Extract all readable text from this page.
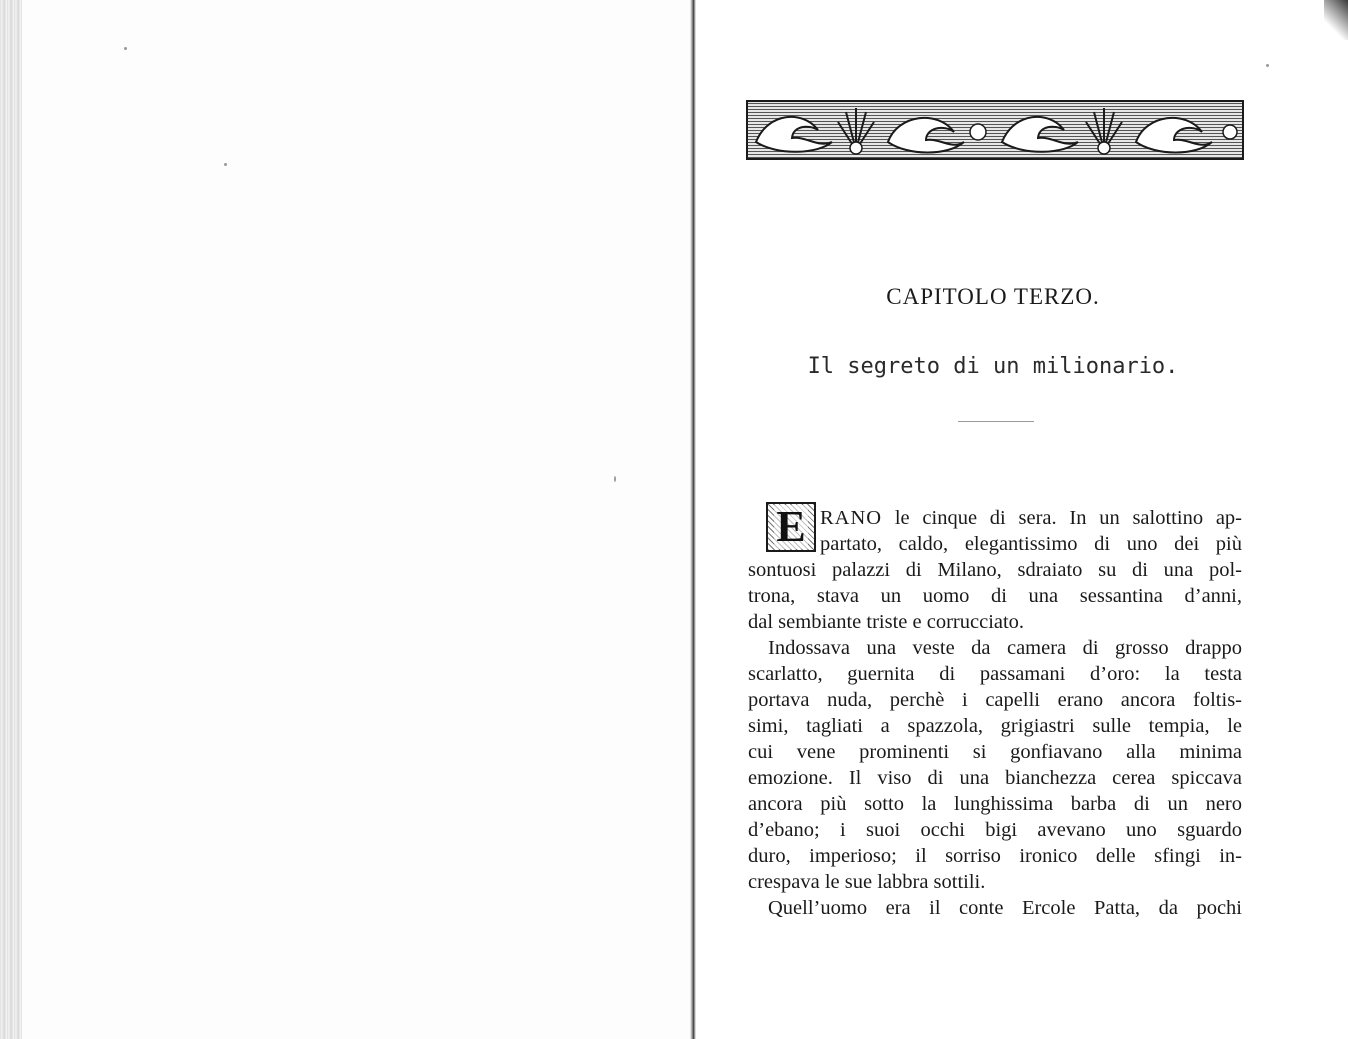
CAPITOLO TERZO.
Il segreto di un milionario.
E RANO le cinque di sera. In un salottino ap-
partato, caldo, elegantissimo di uno dei più
sontuosi palazzi di Milano, sdraiato su di una pol-
trona, stava un uomo di una sessantina d’anni,
dal sembiante triste e corrucciato.
Indossava una veste da camera di grosso drappo
scarlatto, guernita di passamani d’oro: la testa
portava nuda, perchè i capelli erano ancora foltis-
simi, tagliati a spazzola, grigiastri sulle tempia, le
cui vene prominenti si gonfiavano alla minima
emozione. Il viso di una bianchezza cerea spiccava
ancora più sotto la lunghissima barba di un nero
d’ebano; i suoi occhi bigi avevano uno sguardo
duro, imperioso; il sorriso ironico delle sfingi in-
crespava le sue labbra sottili.
Quell’uomo era il conte Ercole Patta, da pochi
